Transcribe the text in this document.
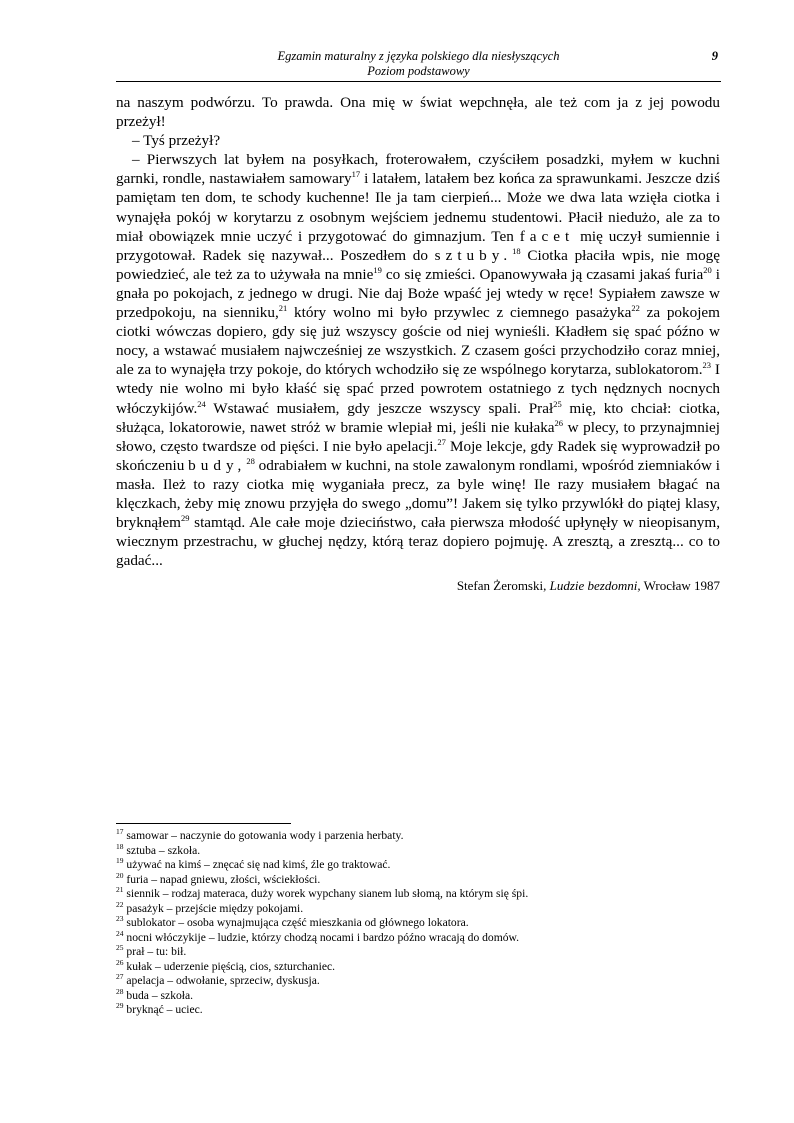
Egzamin maturalny z języka polskiego dla niesłyszących
Poziom podstawowy
9

na naszym podwórzu. To prawda. Ona mię w świat wepchnęła, ale też com ja z jej powodu przeżył!

– Tyś przeżył?

– Pierwszych lat byłem na posyłkach, froterowałem, czyściłem posadzki, myłem w kuchni garnki, rondle, nastawiałem samowary$^{17}$ i latałem, latałem bez końca za sprawunkami. Jeszcze dziś pamiętam ten dom, te schody kuchenne! Ile ja tam cierpień... Może we dwa lata wzięła ciotka i wynajęła pokój w korytarzu z osobnym wejściem jednemu studentowi. Płacił niedużo, ale za to miał obowiązek mnie uczyć i przygotować do gimnazjum. Ten facet mię uczył sumiennie i przygotował. Radek się nazywał... Poszedłem do sztuby.$^{18}$ Ciotka płaciła wpis, nie mogę powiedzieć, ale też za to używała na mnie$^{19}$ co się zmieści. Opanowywała ją czasami jakaś furia$^{20}$ i gnała po pokojach, z jednego w drugi. Nie daj Boże wpaść jej wtedy w ręce! Sypiałem zawsze w przedpokoju, na sienniku,$^{21}$ który wolno mi było przywlec z ciemnego pasażyka$^{22}$ za pokojem ciotki wówczas dopiero, gdy się już wszyscy goście od niej wynieśli. Kładłem się spać późno w nocy, a wstawać musiałem najwcześniej ze wszystkich. Z czasem gości przychodziło coraz mniej, ale za to wynajęła trzy pokoje, do których wchodziło się ze wspólnego korytarza, sublokatorom.$^{23}$ I wtedy nie wolno mi było kłaść się spać przed powrotem ostatniego z tych nędznych nocnych włóczykijów.$^{24}$ Wstawać musiałem, gdy jeszcze wszyscy spali. Prał$^{25}$ mię, kto chciał: ciotka, służąca, lokatorowie, nawet stróż w bramie wlepiał mi, jeśli nie kułaka$^{26}$ w plecy, to przynajmniej słowo, często twardsze od pięści. I nie było apelacji.$^{27}$ Moje lekcje, gdy Radek się wyprowadził po skończeniu budy,$^{28}$ odrabiałem w kuchni, na stole zawalonym rondlami, wpośród ziemniaków i masła. Ileż to razy ciotka mię wyganiała precz, za byle winę! Ile razy musiałem błagać na klęczkach, żeby mię znowu przyjęła do swego „domu”! Jakem się tylko przywlókł do piątej klasy, bryknąłem$^{29}$ stamtąd. Ale całe moje dzieciństwo, cała pierwsza młodość upłynęły w nieopisanym, wiecznym przestrachu, w głuchej nędzy, którą teraz dopiero pojmuję. A zresztą, a zresztą... co to gadać...

Stefan Żeromski, Ludzie bezdomni, Wrocław 1987
$^{17}$ samowar – naczynie do gotowania wody i parzenia herbaty.
$^{18}$ sztuba – szkoła.
$^{19}$ używać na kimś – znęcać się nad kimś, źle go traktować.
$^{20}$ furia – napad gniewu, złości, wściekłości.
$^{21}$ siennik – rodzaj materaca, duży worek wypchany sianem lub słomą, na którym się śpi.
$^{22}$ pasażyk – przejście między pokojami.
$^{23}$ sublokator – osoba wynajmująca część mieszkania od głównego lokatora.
$^{24}$ nocni włóczykije – ludzie, którzy chodzą nocami i bardzo późno wracają do domów.
$^{25}$ prał – tu: bił.
$^{26}$ kułak – uderzenie pięścią, cios, szturchaniec.
$^{27}$ apelacja – odwołanie, sprzeciw, dyskusja.
$^{28}$ buda – szkoła.
$^{29}$ bryknąć – uciec.
